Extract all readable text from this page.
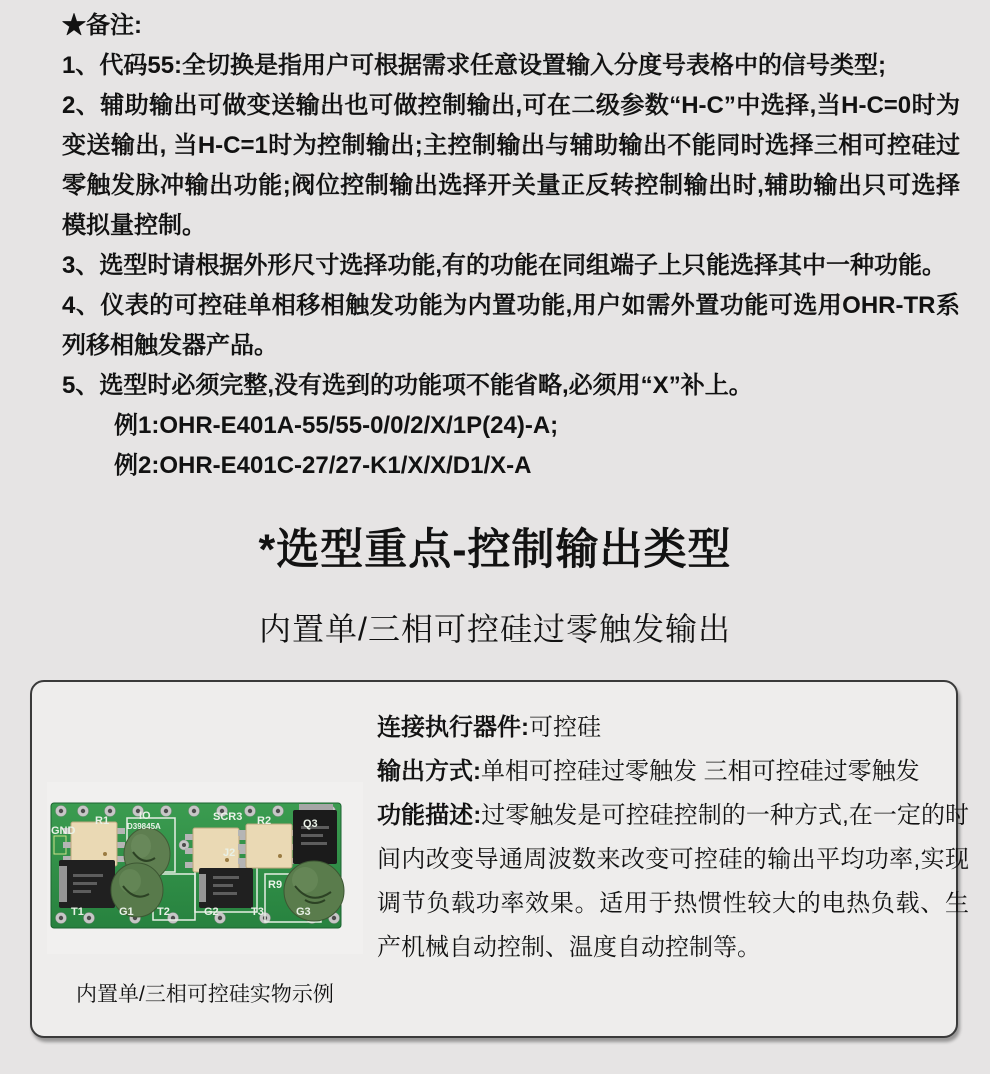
★备注:

1、代码55:全切换是指用户可根据需求任意设置输入分度号表格中的信号类型;

2、辅助输出可做变送输出也可做控制输出,可在二级参数“H-C”中选择,当H-C=0时为变送输出, 当H-C=1时为控制输出;主控制输出与辅助输出不能同时选择三相可控硅过零触发脉冲输出功能;阀位控制输出选择开关量正反转控制输出时,辅助输出只可选择模拟量控制。

3、选型时请根据外形尺寸选择功能,有的功能在同组端子上只能选择其中一种功能。

4、仪表的可控硅单相移相触发功能为内置功能,用户如需外置功能可选用OHR-TR系列移相触发器产品。

5、选型时必须完整,没有选到的功能项不能省略,必须用“X”补上。

例1:OHR-E401A-55/55-0/0/2/X/1P(24)-A;

例2:OHR-E401C-27/27-K1/X/X/D1/X-A

*选型重点-控制输出类型
内置单/三相可控硅过零触发输出
GND
R1	IO
D39845A
SCR3 R2	Q3
J2
R9
T1	G1 T2	G2	T3	G3

连接执行器件:可控硅

输出方式:单相可控硅过零触发 三相可控硅过零触发

功能描述:过零触发是可控硅控制的一种方式,在一定的时间内改变导通周波数来改变可控硅的输出平均功率,实现调节负载功率效果。适用于热惯性较大的电热负载、生产机械自动控制、温度自动控制等。

内置单/三相可控硅实物示例
